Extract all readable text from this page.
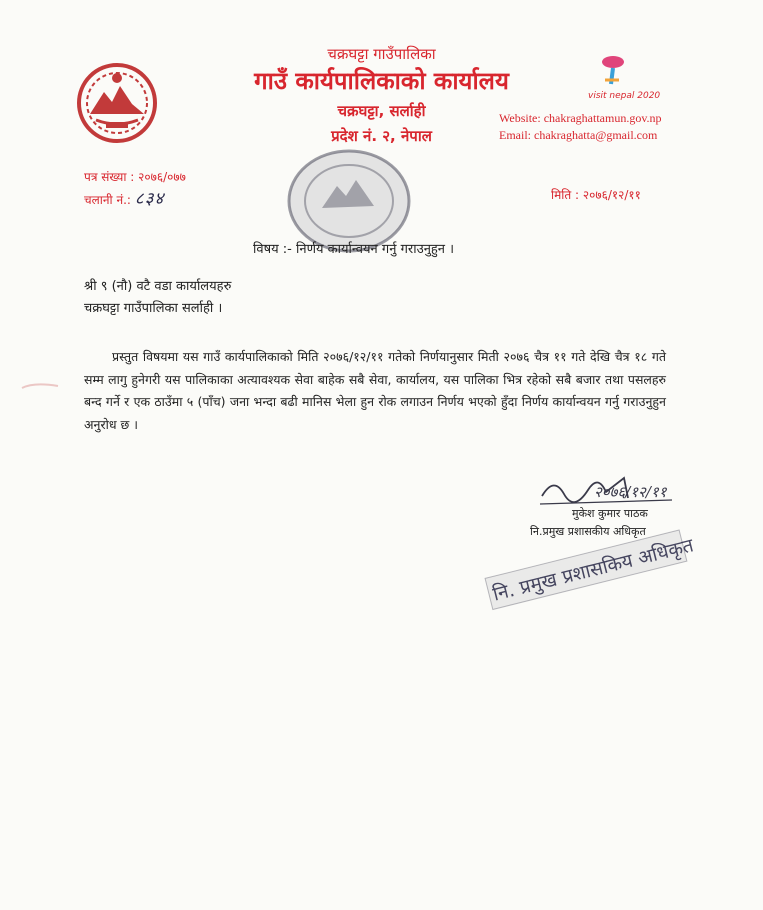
चक्रघट्टा गाउँपालिका
गाउँ कार्यपालिकाको कार्यालय
चक्रघट्टा, सर्लाही
प्रदेश नं. २, नेपाल
visit nepal 2020
Website: chakraghattamun.gov.np
Email: chakraghatta@gmail.com
पत्र संख्या : २०७६/०७७
चलानी नं.: ८३४	मिति : २०७६/१२/११
विषय :- निर्णय कार्यान्वयन गर्नु गराउनुहुन ।
श्री ९ (नौ) वटै वडा कार्यालयहरु
चक्रघट्टा गाउँपालिका सर्लाही ।
प्रस्तुत विषयमा यस गाउँ कार्यपालिकाको मिति २०७६/१२/११ गतेको निर्णयानुसार मिती २०७६ चैत्र ११ गते देखि चैत्र १८ गते सम्म लागु हुनेगरी यस पालिकाका अत्यावश्यक सेवा बाहेक सबै सेवा, कार्यालय, यस पालिका भित्र रहेको सबै बजार तथा पसलहरु बन्द गर्ने र एक ठाउँमा ५ (पाँच) जना भन्दा बढी मानिस भेला हुन रोक लगाउन निर्णय भएको हुँदा निर्णय कार्यान्वयन गर्नु गराउनुहुन अनुरोध छ ।
२०७६/१२/११
मुकेश कुमार पाठक
नि.प्रमुख प्रशासकीय अधिकृत
नि. प्रमुख प्रशासकिय अधिकृत
